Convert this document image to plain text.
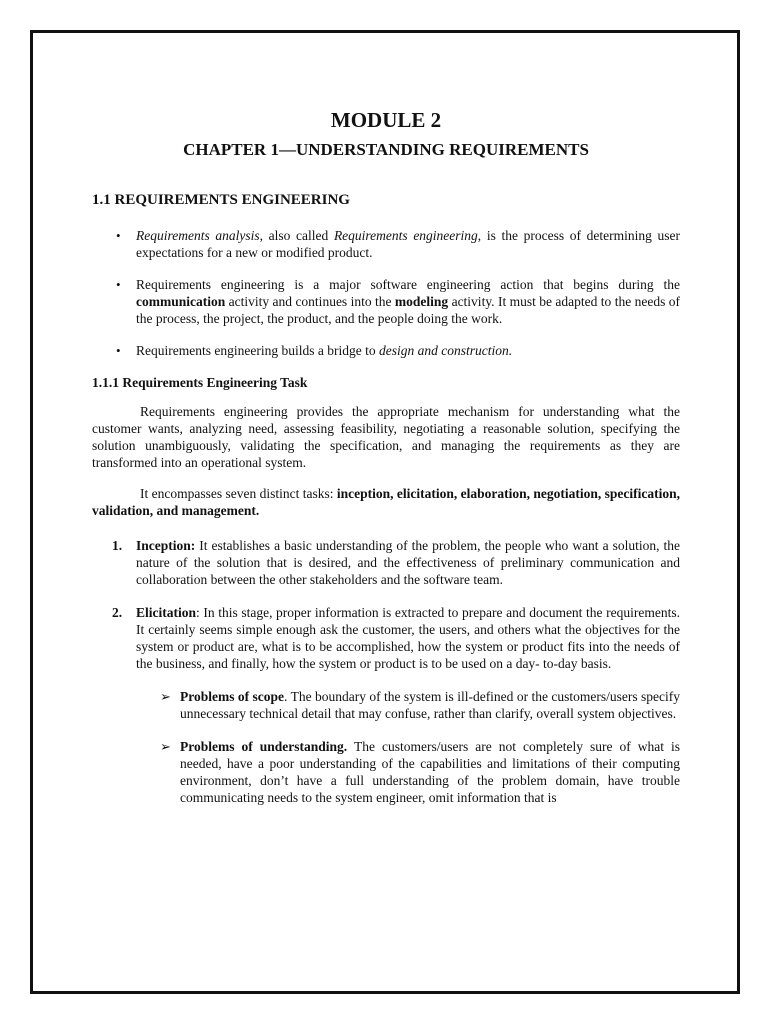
MODULE 2
CHAPTER 1—UNDERSTANDING REQUIREMENTS
1.1 REQUIREMENTS ENGINEERING
• Requirements analysis, also called Requirements engineering, is the process of determining user expectations for a new or modified product.
• Requirements engineering is a major software engineering action that begins during the communication activity and continues into the modeling activity. It must be adapted to the needs of the process, the project, the product, and the people doing the work.
• Requirements engineering builds a bridge to design and construction.
1.1.1 Requirements Engineering Task

Requirements engineering provides the appropriate mechanism for understanding what the customer wants, analyzing need, assessing feasibility, negotiating a reasonable solution, specifying the solution unambiguously, validating the specification, and managing the requirements as they are transformed into an operational system.

It encompasses seven distinct tasks: inception, elicitation, elaboration, negotiation, specification, validation, and management.

1. Inception: It establishes a basic understanding of the problem, the people who want a solution, the nature of the solution that is desired, and the effectiveness of preliminary communication and collaboration between the other stakeholders and the software team.
2. Elicitation: In this stage, proper information is extracted to prepare and document the requirements. It certainly seems simple enough ask the customer, the users, and others what the objectives for the system or product are, what is to be accomplished, how the system or product fits into the needs of the business, and finally, how the system or product is to be used on a day- to-day basis.
➢ Problems of scope. The boundary of the system is ill-defined or the customers/users specify unnecessary technical detail that may confuse, rather than clarify, overall system objectives.
➢ Problems of understanding. The customers/users are not completely sure of what is needed, have a poor understanding of the capabilities and limitations of their computing environment, don’t have a full understanding of the problem domain, have trouble communicating needs to the system engineer, omit information that is
